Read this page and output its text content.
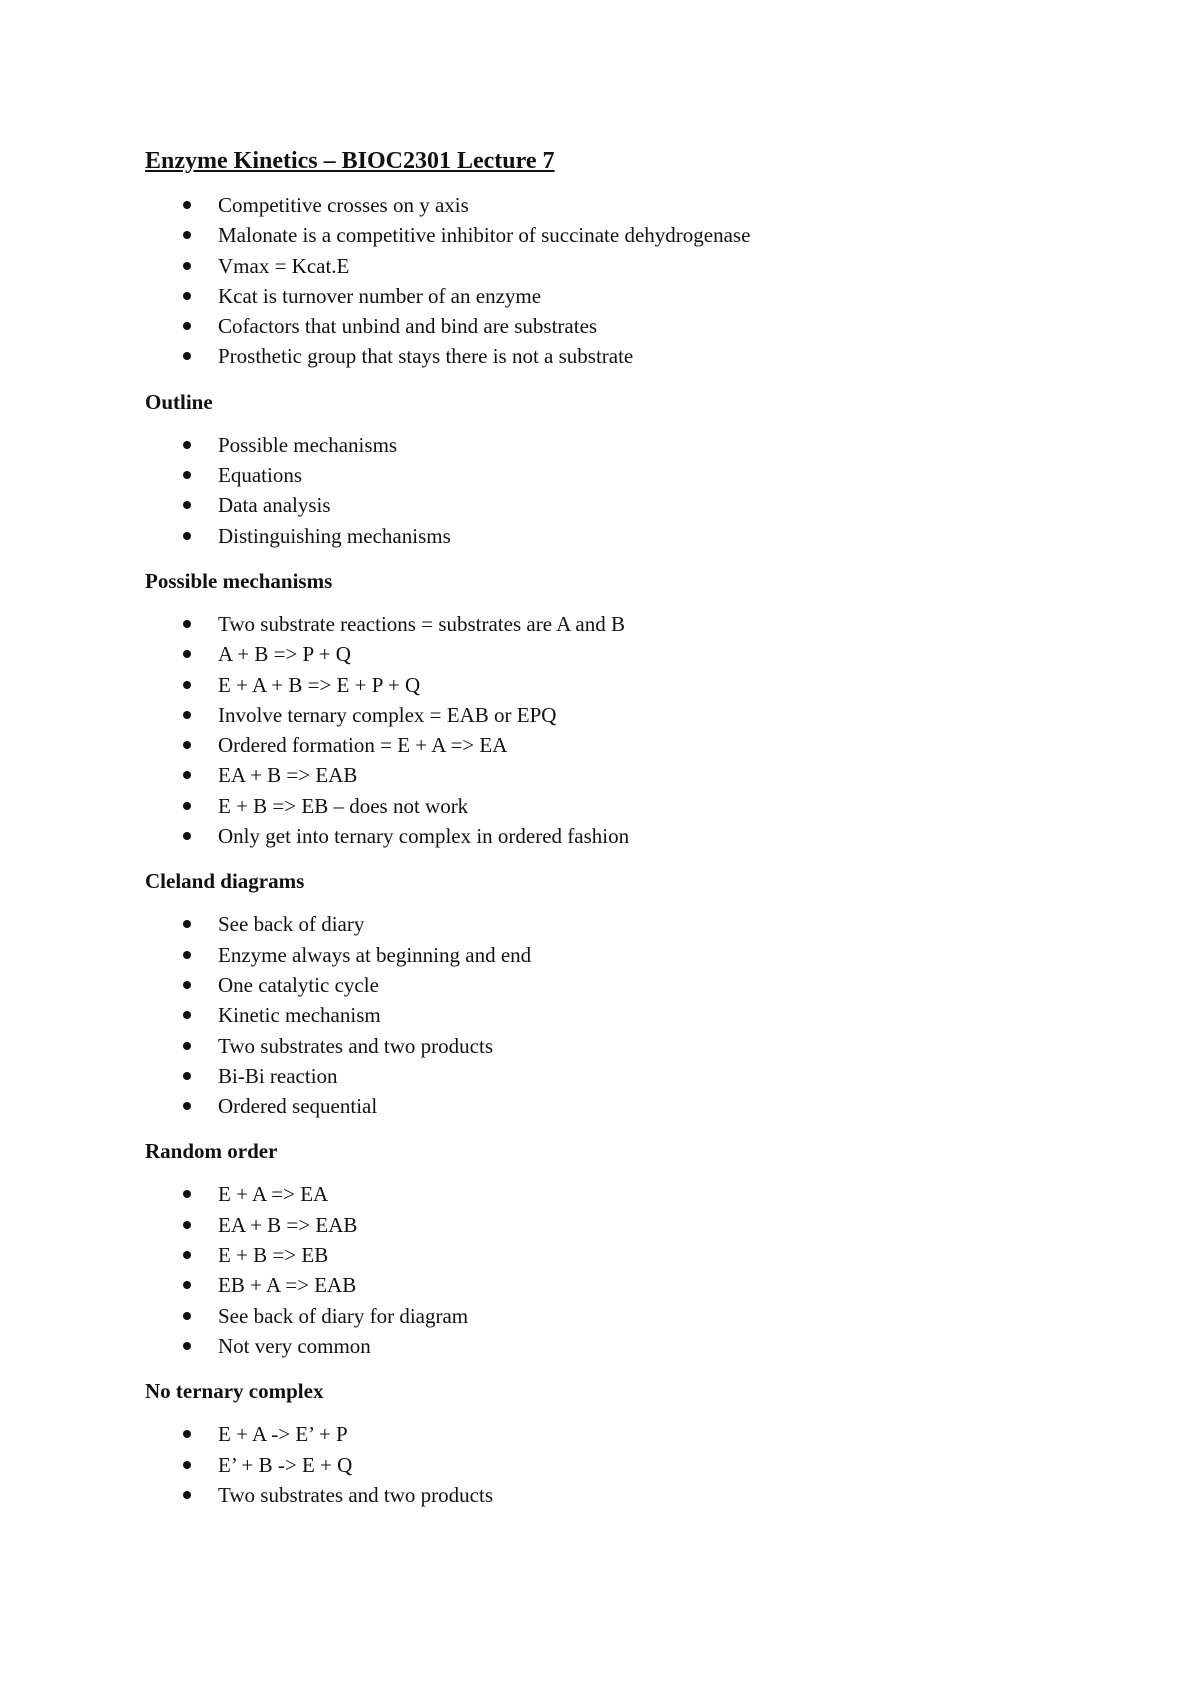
Enzyme Kinetics – BIOC2301 Lecture 7
Competitive crosses on y axis
Malonate is a competitive inhibitor of succinate dehydrogenase
Vmax = Kcat.E
Kcat is turnover number of an enzyme
Cofactors that unbind and bind are substrates
Prosthetic group that stays there is not a substrate
Outline
Possible mechanisms
Equations
Data analysis
Distinguishing mechanisms
Possible mechanisms
Two substrate reactions = substrates are A and B
A + B => P + Q
E + A + B => E + P + Q
Involve ternary complex = EAB or EPQ
Ordered formation = E + A => EA
EA + B => EAB
E + B => EB – does not work
Only get into ternary complex in ordered fashion
Cleland diagrams
See back of diary
Enzyme always at beginning and end
One catalytic cycle
Kinetic mechanism
Two substrates and two products
Bi-Bi reaction
Ordered sequential
Random order
E + A => EA
EA + B => EAB
E + B => EB
EB + A => EAB
See back of diary for diagram
Not very common
No ternary complex
E + A -> E’ + P
E’ + B -> E + Q
Two substrates and two products
